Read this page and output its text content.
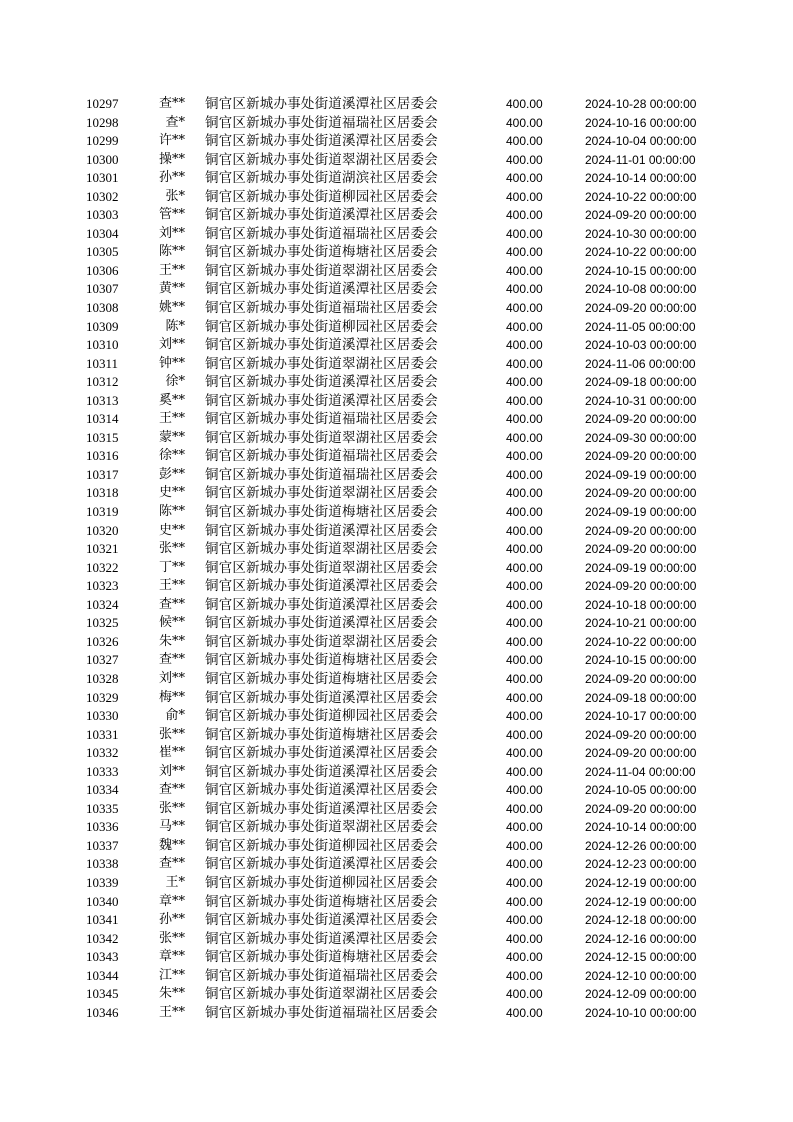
10297	查** 铜官区新城办事处街道溪潭社区居委会	400.00	2024-10-28 00:00:00
10298	查* 铜官区新城办事处街道福瑞社区居委会	400.00	2024-10-16 00:00:00
10299	许** 铜官区新城办事处街道溪潭社区居委会	400.00	2024-10-04 00:00:00
10300	操** 铜官区新城办事处街道翠湖社区居委会	400.00	2024-11-01 00:00:00
10301	孙** 铜官区新城办事处街道湖滨社区居委会	400.00	2024-10-14 00:00:00
10302	张* 铜官区新城办事处街道柳园社区居委会	400.00	2024-10-22 00:00:00
10303	管** 铜官区新城办事处街道溪潭社区居委会	400.00	2024-09-20 00:00:00
10304	刘** 铜官区新城办事处街道福瑞社区居委会	400.00	2024-10-30 00:00:00
10305	陈** 铜官区新城办事处街道梅塘社区居委会	400.00	2024-10-22 00:00:00
10306	王** 铜官区新城办事处街道翠湖社区居委会	400.00	2024-10-15 00:00:00
10307	黄** 铜官区新城办事处街道溪潭社区居委会	400.00	2024-10-08 00:00:00
10308	姚** 铜官区新城办事处街道福瑞社区居委会	400.00	2024-09-20 00:00:00
10309	陈* 铜官区新城办事处街道柳园社区居委会	400.00	2024-11-05 00:00:00
10310	刘** 铜官区新城办事处街道溪潭社区居委会	400.00	2024-10-03 00:00:00
10311	钟** 铜官区新城办事处街道翠湖社区居委会	400.00	2024-11-06 00:00:00
10312	徐* 铜官区新城办事处街道溪潭社区居委会	400.00	2024-09-18 00:00:00
10313	奚** 铜官区新城办事处街道溪潭社区居委会	400.00	2024-10-31 00:00:00
10314	王** 铜官区新城办事处街道福瑞社区居委会	400.00	2024-09-20 00:00:00
10315	蒙** 铜官区新城办事处街道翠湖社区居委会	400.00	2024-09-30 00:00:00
10316	徐** 铜官区新城办事处街道福瑞社区居委会	400.00	2024-09-20 00:00:00
10317	彭** 铜官区新城办事处街道福瑞社区居委会	400.00	2024-09-19 00:00:00
10318	史** 铜官区新城办事处街道翠湖社区居委会	400.00	2024-09-20 00:00:00
10319	陈** 铜官区新城办事处街道梅塘社区居委会	400.00	2024-09-19 00:00:00
10320	史** 铜官区新城办事处街道溪潭社区居委会	400.00	2024-09-20 00:00:00
10321	张** 铜官区新城办事处街道翠湖社区居委会	400.00	2024-09-20 00:00:00
10322	丁** 铜官区新城办事处街道翠湖社区居委会	400.00	2024-09-19 00:00:00
10323	王** 铜官区新城办事处街道溪潭社区居委会	400.00	2024-09-20 00:00:00
10324	查** 铜官区新城办事处街道溪潭社区居委会	400.00	2024-10-18 00:00:00
10325	候** 铜官区新城办事处街道溪潭社区居委会	400.00	2024-10-21 00:00:00
10326	朱** 铜官区新城办事处街道翠湖社区居委会	400.00	2024-10-22 00:00:00
10327	查** 铜官区新城办事处街道梅塘社区居委会	400.00	2024-10-15 00:00:00
10328	刘** 铜官区新城办事处街道梅塘社区居委会	400.00	2024-09-20 00:00:00
10329	梅** 铜官区新城办事处街道溪潭社区居委会	400.00	2024-09-18 00:00:00
10330	俞* 铜官区新城办事处街道柳园社区居委会	400.00	2024-10-17 00:00:00
10331	张** 铜官区新城办事处街道梅塘社区居委会	400.00	2024-09-20 00:00:00
10332	崔** 铜官区新城办事处街道溪潭社区居委会	400.00	2024-09-20 00:00:00
10333	刘** 铜官区新城办事处街道溪潭社区居委会	400.00	2024-11-04 00:00:00
10334	查** 铜官区新城办事处街道溪潭社区居委会	400.00	2024-10-05 00:00:00
10335	张** 铜官区新城办事处街道溪潭社区居委会	400.00	2024-09-20 00:00:00
10336	马** 铜官区新城办事处街道翠湖社区居委会	400.00	2024-10-14 00:00:00
10337	魏** 铜官区新城办事处街道柳园社区居委会	400.00	2024-12-26 00:00:00
10338	查** 铜官区新城办事处街道溪潭社区居委会	400.00	2024-12-23 00:00:00
10339	王* 铜官区新城办事处街道柳园社区居委会	400.00	2024-12-19 00:00:00
10340	章** 铜官区新城办事处街道梅塘社区居委会	400.00	2024-12-19 00:00:00
10341	孙** 铜官区新城办事处街道溪潭社区居委会	400.00	2024-12-18 00:00:00
10342	张** 铜官区新城办事处街道溪潭社区居委会	400.00	2024-12-16 00:00:00
10343	章** 铜官区新城办事处街道梅塘社区居委会	400.00	2024-12-15 00:00:00
10344	江** 铜官区新城办事处街道福瑞社区居委会	400.00	2024-12-10 00:00:00
10345	朱** 铜官区新城办事处街道翠湖社区居委会	400.00	2024-12-09 00:00:00
10346	王** 铜官区新城办事处街道福瑞社区居委会	400.00	2024-10-10 00:00:00
